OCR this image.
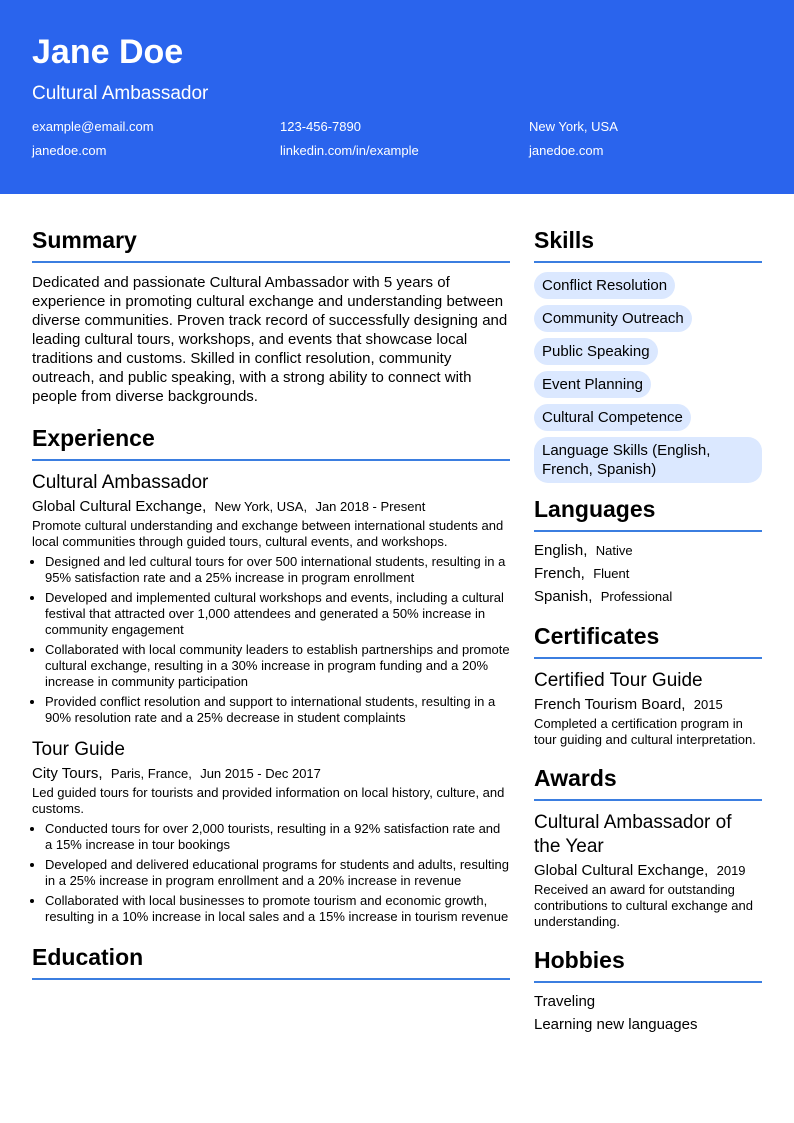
Jane Doe
Cultural Ambassador
example@email.com	123-456-7890	New York, USA
janedoe.com	linkedin.com/in/example	janedoe.com
Summary
Dedicated and passionate Cultural Ambassador with 5 years of experience in promoting cultural exchange and understanding between diverse communities. Proven track record of successfully designing and leading cultural tours, workshops, and events that showcase local traditions and customs. Skilled in conflict resolution, community outreach, and public speaking, with a strong ability to connect with people from diverse backgrounds.
Experience
Cultural Ambassador
Global Cultural Exchange, New York, USA, Jan 2018 - Present
Promote cultural understanding and exchange between international students and local communities through guided tours, cultural events, and workshops.
• Designed and led cultural tours for over 500 international students, resulting in a 95% satisfaction rate and a 25% increase in program enrollment
• Developed and implemented cultural workshops and events, including a cultural festival that attracted over 1,000 attendees and generated a 50% increase in community engagement
• Collaborated with local community leaders to establish partnerships and promote cultural exchange, resulting in a 30% increase in program funding and a 20% increase in community participation
• Provided conflict resolution and support to international students, resulting in a 90% resolution rate and a 25% decrease in student complaints
Tour Guide
City Tours, Paris, France, Jun 2015 - Dec 2017
Led guided tours for tourists and provided information on local history, culture, and customs.
• Conducted tours for over 2,000 tourists, resulting in a 92% satisfaction rate and a 15% increase in tour bookings
• Developed and delivered educational programs for students and adults, resulting in a 25% increase in program enrollment and a 20% increase in revenue
• Collaborated with local businesses to promote tourism and economic growth, resulting in a 10% increase in local sales and a 15% increase in tourism revenue
Education
Skills
Conflict Resolution
Community Outreach
Public Speaking
Event Planning
Cultural Competence
Language Skills (English, French, Spanish)
Languages
English, Native
French, Fluent
Spanish, Professional
Certificates
Certified Tour Guide
French Tourism Board, 2015
Completed a certification program in tour guiding and cultural interpretation.
Awards
Cultural Ambassador of the Year
Global Cultural Exchange, 2019
Received an award for outstanding contributions to cultural exchange and understanding.
Hobbies
Traveling
Learning new languages
